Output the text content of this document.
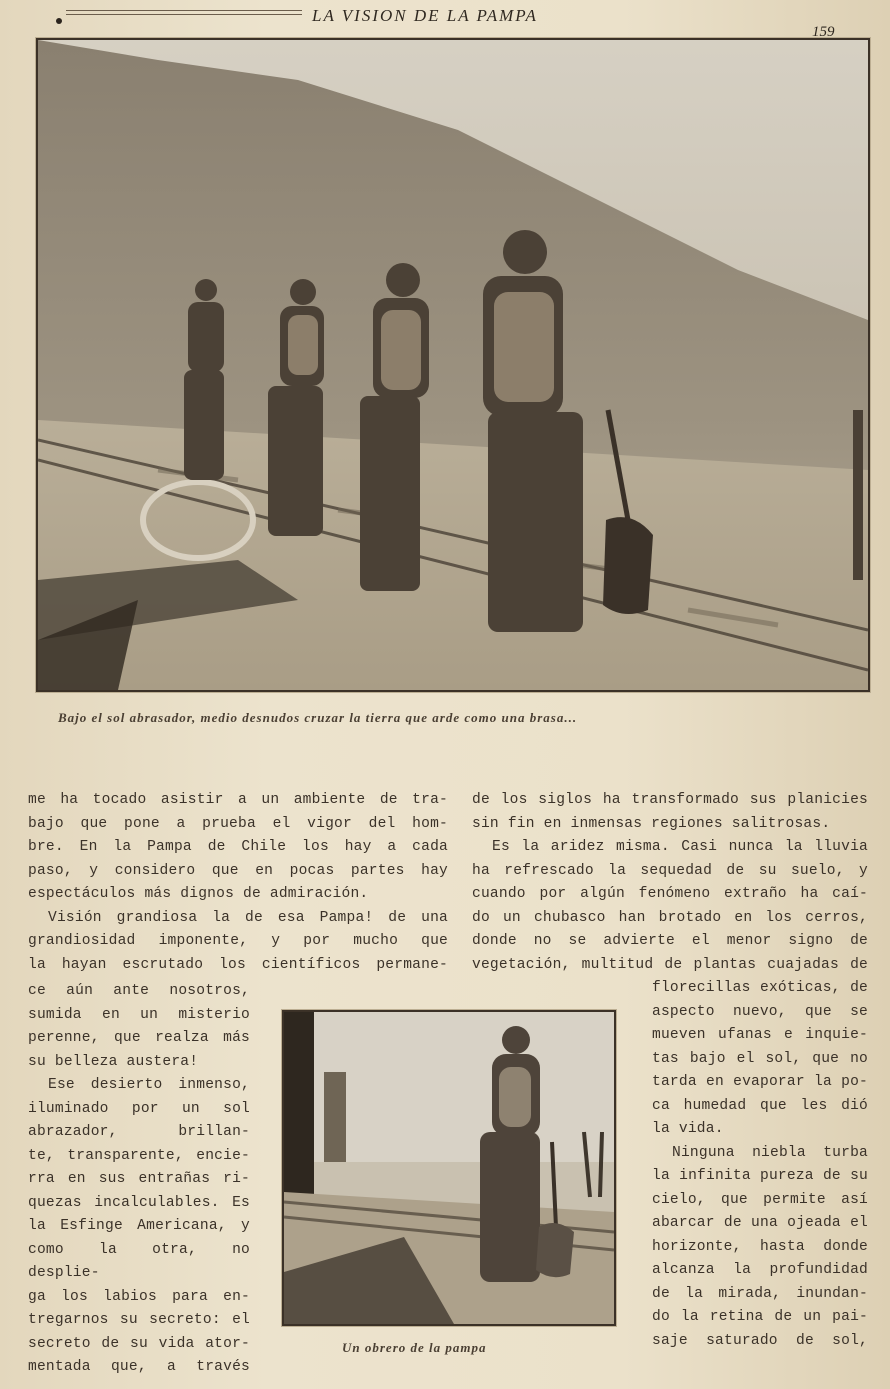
LA VISION DE LA PAMPA
159
Bajo el sol abrasador, medio desnudos cruzar la tierra que arde como una brasa...

me ha tocado asistir a un ambiente de tra-

bajo que pone a prueba el vigor del hom-

bre. En la Pampa de Chile los hay a cada

paso, y considero que en pocas partes hay

espectáculos más dignos de admiración.

Visión grandiosa la de esa Pampa! de una

grandiosidad imponente, y por mucho que

la hayan escrutado los científicos permane-

de los siglos ha transformado sus planicies

sin fin en inmensas regiones salitrosas.

Es la aridez misma. Casi nunca la lluvia

ha refrescado la sequedad de su suelo, y

cuando por algún fenómeno extraño ha caí-

do un chubasco han brotado en los cerros,

donde no se advierte el menor signo de

vegetación, multitud de plantas cuajadas de

ce aún ante nosotros,

sumida en un misterio

perenne, que realza más

su belleza austera!

Ese desierto inmenso,

iluminado por un sol

abrazador, brillan-

te, transparente, encie-

rra en sus entrañas ri-

quezas incalculables. Es

la Esfinge Americana, y

como la otra, no desplie-

ga los labios para en-

tregarnos su secreto: el

secreto de su vida ator-

mentada que, a través

Un obrero de la pampa

florecillas exóticas, de

aspecto nuevo, que se

mueven ufanas e inquie-

tas bajo el sol, que no

tarda en evaporar la po-

ca humedad que les dió

la vida.

Ninguna niebla turba

la infinita pureza de su

cielo, que permite así

abarcar de una ojeada el

horizonte, hasta donde

alcanza la profundidad

de la mirada, inundan-

do la retina de un pai-

saje saturado de sol,
